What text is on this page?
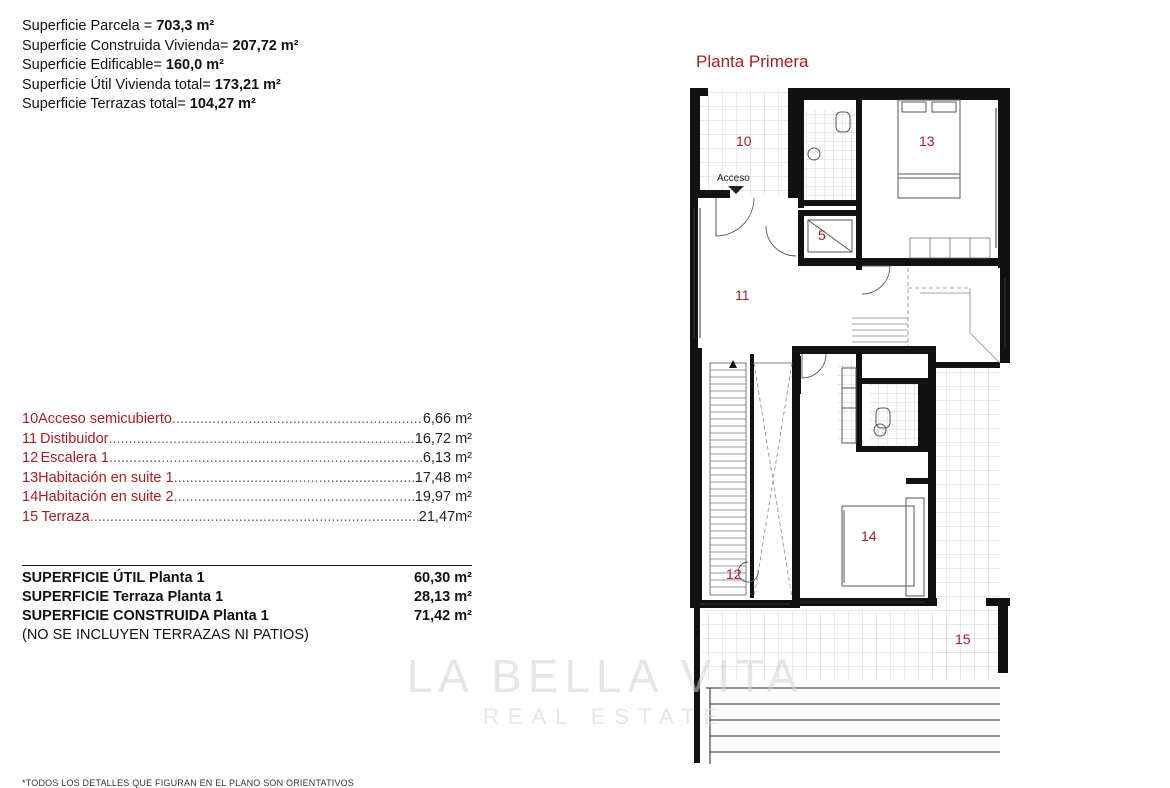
Superficie Parcela = 703,3 m²
Superficie Construida Vivienda= 207,72 m²
Superficie Edificable= 160,0 m²
Superficie Útil Vivienda total= 173,21 m²
Superficie Terrazas total= 104,27 m²
10 Acceso semicubierto .....	6,66 m²
11 Distibuidor .....	16,72 m²
12 Escalera 1 .....	6,13 m²
13 Habitación en suite 1 .....	17,48 m²
14 Habitación en suite 2 .....	19,97 m²
15 Terraza .....	21,47m²
SUPERFICIE ÚTIL Planta 1	60,30 m²
SUPERFICIE Terraza Planta 1	28,13 m²
SUPERFICIE CONSTRUIDA Planta 1	71,42 m²
(NO SE INCLUYEN TERRAZAS NI PATIOS)
*TODOS LOS DETALLES QUE FIGURAN EN EL PLANO SON ORIENTATIVOS
Planta Primera
10	13
5
11
14
12
15
Acceso
LA BELLA VITA
REAL ESTATE
